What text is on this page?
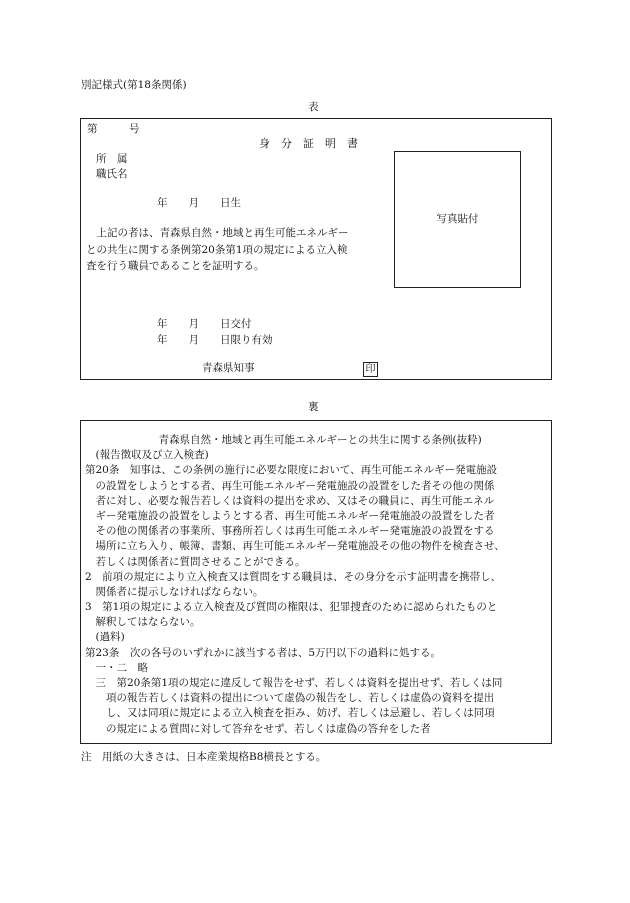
別記様式(第18条関係)
表
第　　　号
身　分　証　明　書
所　属
職氏名
年　　月　　日生
　上記の者は、青森県自然・地域と再生可能エネルギー
との共生に関する条例第20条第1項の規定による立入検
査を行う職員であることを証明する。
写真貼付
年　　月　　日交付
年　　月　　日限り有効
青森県知事	印
裏
　　　　　　　青森県自然・地域と再生可能エネルギーとの共生に関する条例(抜粋)
　(報告徴収及び立入検査)
第20条　知事は、この条例の施行に必要な限度において、再生可能エネルギー発電施設
　の設置をしようとする者、再生可能エネルギー発電施設の設置をした者その他の関係
　者に対し、必要な報告若しくは資料の提出を求め、又はその職員に、再生可能エネル
　ギー発電施設の設置をしようとする者、再生可能エネルギー発電施設の設置をした者
　その他の関係者の事業所、事務所若しくは再生可能エネルギー発電施設の設置をする
　場所に立ち入り、帳簿、書類、再生可能エネルギー発電施設その他の物件を検査させ、
　若しくは関係者に質問させることができる。
2　前項の規定により立入検査又は質問をする職員は、その身分を示す証明書を携帯し、
　関係者に提示しなければならない。
3　第1項の規定による立入検査及び質問の権限は、犯罪捜査のために認められたものと
　解釈してはならない。
　(過料)
第23条　次の各号のいずれかに該当する者は、5万円以下の過料に処する。
　一・二　略
　三　第20条第1項の規定に違反して報告をせず、若しくは資料を提出せず、若しくは同
　　項の報告若しくは資料の提出について虚偽の報告をし、若しくは虚偽の資料を提出
　　し、又は同項に規定による立入検査を拒み、妨げ、若しくは忌避し、若しくは同項
　　の規定による質問に対して答弁をせず、若しくは虚偽の答弁をした者
注　用紙の大きさは、日本産業規格B8横長とする。
